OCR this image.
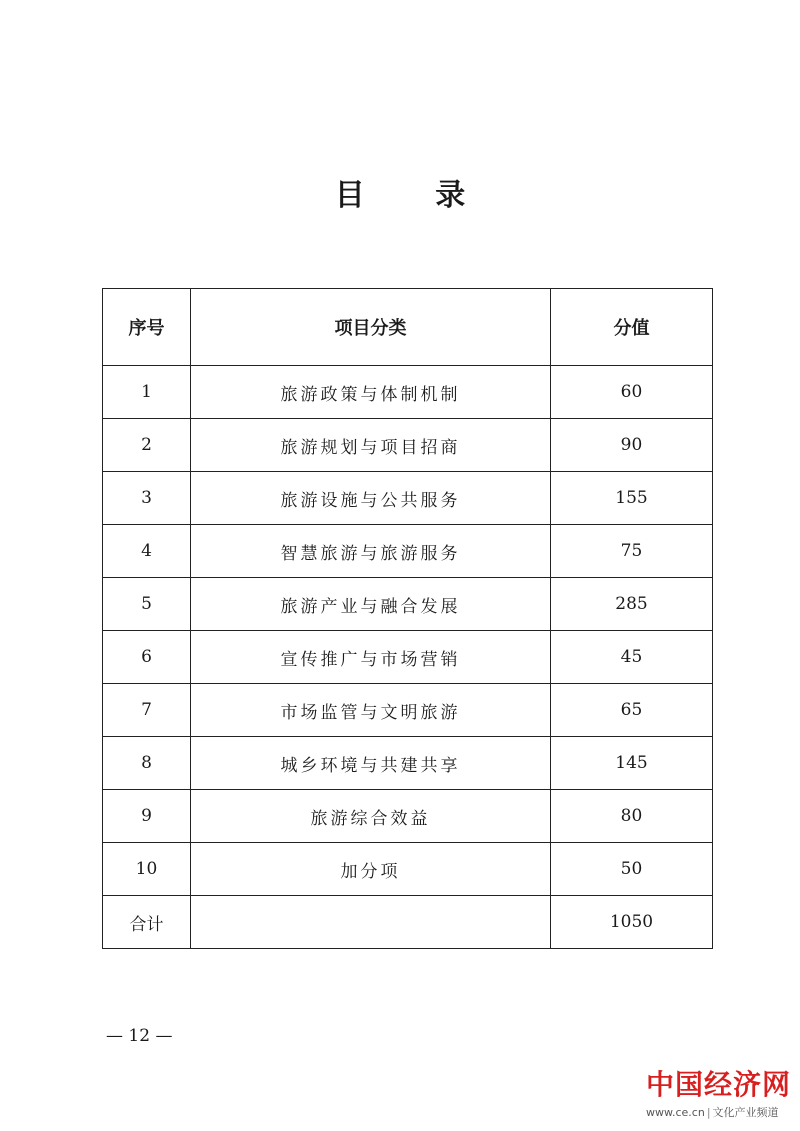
目 录
序号	项目分类	分值
1	旅游政策与体制机制	60
2	旅游规划与项目招商	90
3	旅游设施与公共服务	155
4	智慧旅游与旅游服务	75
5	旅游产业与融合发展	285
6	宣传推广与市场营销	45
7	市场监管与文明旅游	65
8	城乡环境与共建共享	145
9	旅游综合效益	80
10	加分项	50
合计		1050
— 12 —
中国经济网
www.ce.cn | 文化产业频道
